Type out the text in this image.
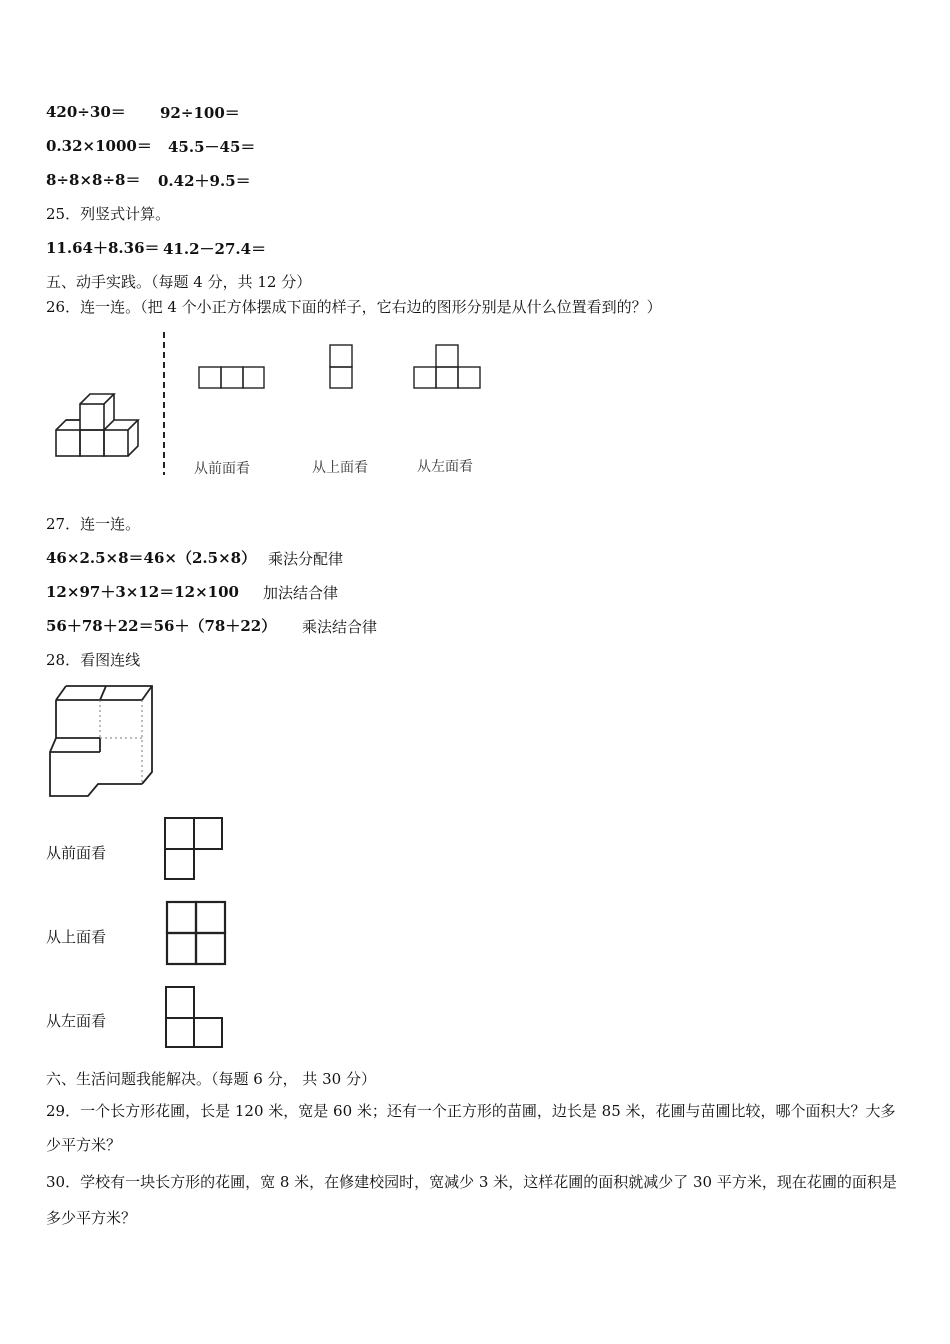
420÷30＝ 92÷100＝
0.32×1000＝ 45.5－45＝
8÷8×8÷8＝ 0.42＋9.5＝
25．列竖式计算。
11.64＋8.36＝ 41.2－27.4＝
五、动手实践。（每题 4 分，共 12 分）
26．连一连。（把 4 个小正方体摆成下面的样子，它右边的图形分别是从什么位置看到的？）
从前面看	从上面看	从左面看
27．连一连。
46×2.5×8＝46×（2.5×8） 乘法分配律
12×97＋3×12＝12×100 加法结合律
56＋78＋22＝56＋（78＋22） 乘法结合律
28．看图连线
从前面看
从上面看
从左面看
六、生活问题我能解决。（每题 6 分， 共 30 分）
29．一个长方形花圃，长是 120 米，宽是 60 米；还有一个正方形的苗圃，边长是 85 米，花圃与苗圃比较，哪个面积大？大多少平方米？
30．学校有一块长方形的花圃，宽 8 米，在修建校园时，宽减少 3 米，这样花圃的面积就减少了 30 平方米，现在花圃的面积是多少平方米？
